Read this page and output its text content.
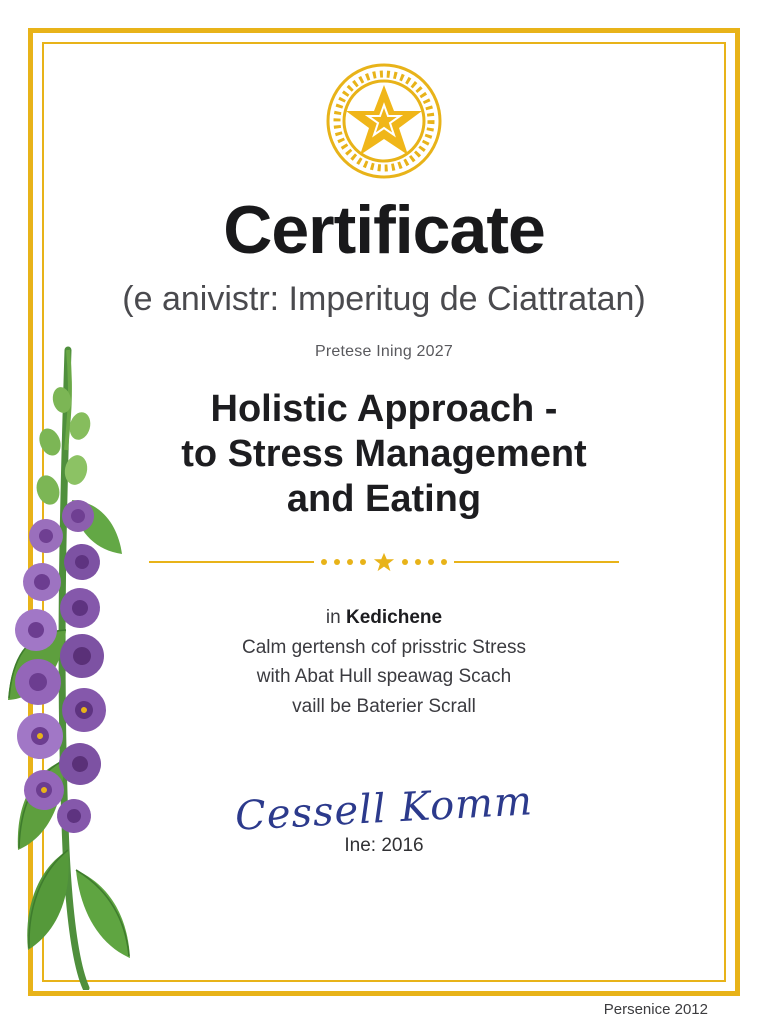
Certificate
(e anivistr: Imperitug de Ciattratan)
Pretese Ining 2027
Holistic Approach -
to Stress Management
and Eating
in Kedichene
Calm gertensh cof prisstric Stress
with Abat Hull speawag Scach
vaill be Baterier Scrall
Cessell Komm
Ine: 2016
Persenice 2012
